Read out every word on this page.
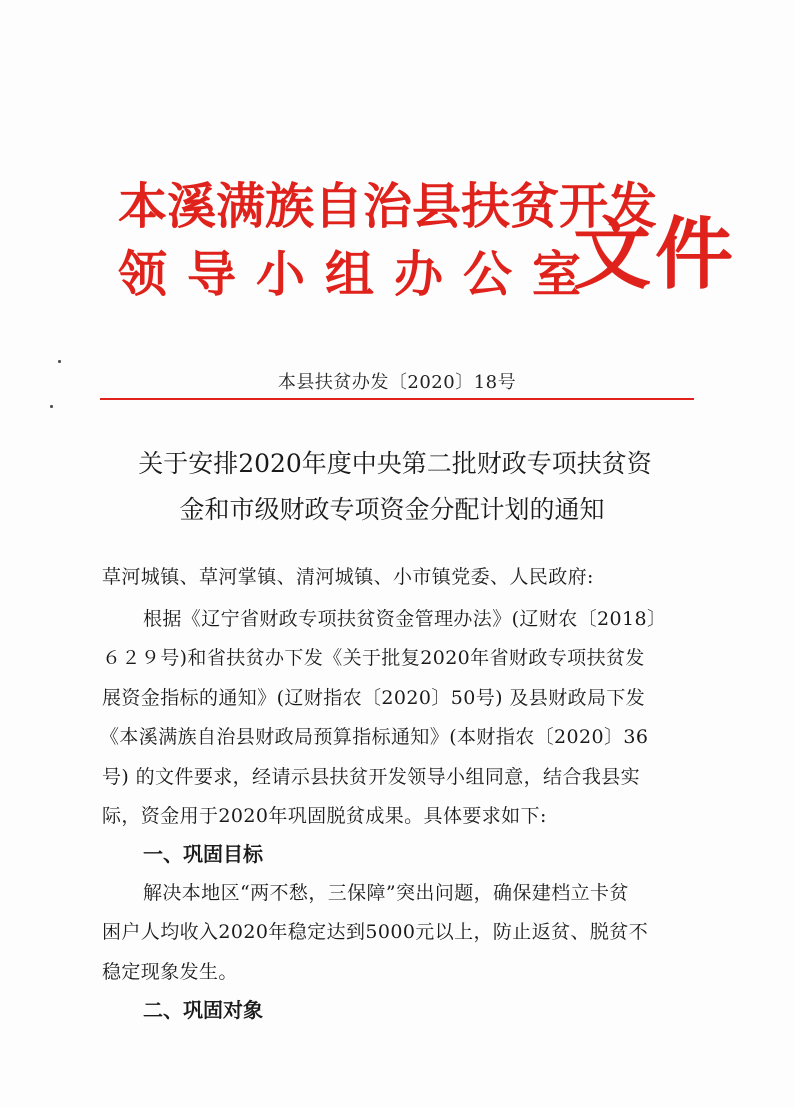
本溪满族自治县扶贫开发
领导小组办公室
文件
本县扶贫办发〔2020〕18号
关于安排2020年度中央第二批财政专项扶贫资
金和市级财政专项资金分配计划的通知
草河城镇、草河掌镇、清河城镇、小市镇党委、人民政府:
根据《辽宁省财政专项扶贫资金管理办法》(辽财农〔2018〕
６２９号)和省扶贫办下发《关于批复2020年省财政专项扶贫发
展资金指标的通知》(辽财指农〔2020〕50号) 及县财政局下发
《本溪满族自治县财政局预算指标通知》(本财指农〔2020〕36
号) 的文件要求，经请示县扶贫开发领导小组同意，结合我县实
际，资金用于2020年巩固脱贫成果。具体要求如下:
一、巩固目标
解决本地区“两不愁，三保障”突出问题，确保建档立卡贫
困户人均收入2020年稳定达到5000元以上，防止返贫、脱贫不
稳定现象发生。
二、巩固对象
